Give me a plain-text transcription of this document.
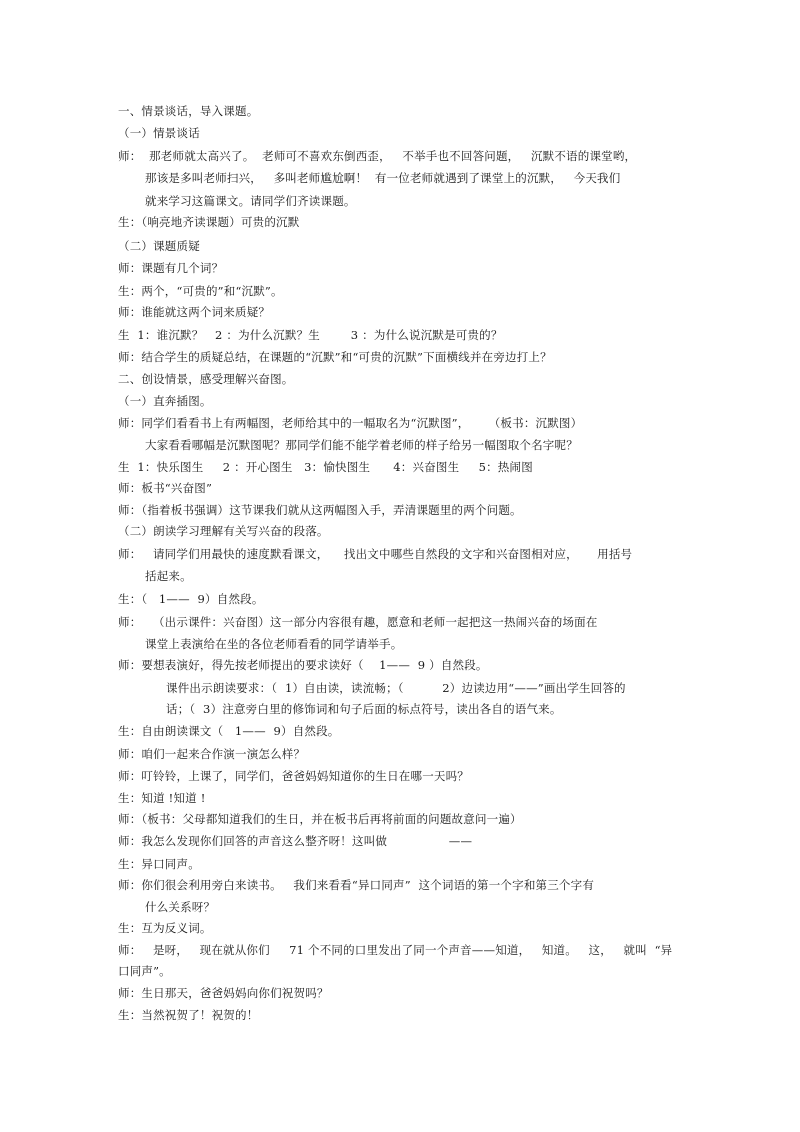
一、情景谈话，导入课题。
（一）情景谈话
师：  那老师就太高兴了。  老师可不喜欢东倒西歪，   不举手也不回答问题，   沉默不语的课堂哟，
那该是多叫老师扫兴，   多叫老师尴尬啊！  有一位老师就遇到了课堂上的沉默，   今天我们
就来学习这篇课文。请同学们齐读课题。
生：（响亮地齐读课题）可贵的沉默
（二）课题质疑
师：课题有几个词？
生：两个，“可贵的”和“沉默”。
师：谁能就这两个词来质疑？
生  1：谁沉默？   2 ：为什么沉默？生        3 ：为什么说沉默是可贵的？
师：结合学生的质疑总结，在课题的“沉默”和“可贵的沉默”下面横线并在旁边打上？
二、创设情景，感受理解兴奋图。
（一）直奔插图。
师：同学们看看书上有两幅图，老师给其中的一幅取名为“沉默图”，     （板书：沉默图）
大家看看哪幅是沉默图呢？那同学们能不能学着老师的样子给另一幅图取个名字呢？
生  1：快乐图生     2 ：开心图生   3：愉快图生      4：兴奋图生     5：热闹图
师：板书“兴奋图”
师：（指着板书强调）这节课我们就从这两幅图入手，弄清课题里的两个问题。
（二）朗读学习理解有关写兴奋的段落。
师：   请同学们用最快的速度默看课文，    找出文中哪些自然段的文字和兴奋图相对应，     用括号
括起来。
生：（   1——  9）自然段。
师：   （出示课件：兴奋图）这一部分内容很有趣，愿意和老师一起把这一热闹兴奋的场面在
课堂上表演给在坐的各位老师看看的同学请举手。
师：要想表演好，得先按老师提出的要求读好（    1——  9 ）自然段。
课件出示朗读要求：（  1）自由读，读流畅；（          2）边读边用“——”画出学生回答的
话；（  3）注意旁白里的修饰词和句子后面的标点符号，读出各自的语气来。
生：自由朗读课文（   1——  9）自然段。
师：咱们一起来合作演一演怎么样？
师：叮铃铃，上课了，同学们，爸爸妈妈知道你的生日在哪一天吗？
生：知道 !知道 !
师：（板书：父母都知道我们的生日，并在板书后再将前面的问题故意问一遍）
师：我怎么发现你们回答的声音这么整齐呀！这叫做                ——
生：异口同声。
师：你们很会利用旁白来读书。   我们来看看“异口同声”  这个词语的第一个字和第三个字有
什么关系呀？
生：互为反义词。
师：   是呀，   现在就从你们     71 个不同的口里发出了同一个声音——知道，   知道。   这，   就叫  “异
口同声”。
师：生日那天，爸爸妈妈向你们祝贺吗？
生：当然祝贺了！祝贺的！
